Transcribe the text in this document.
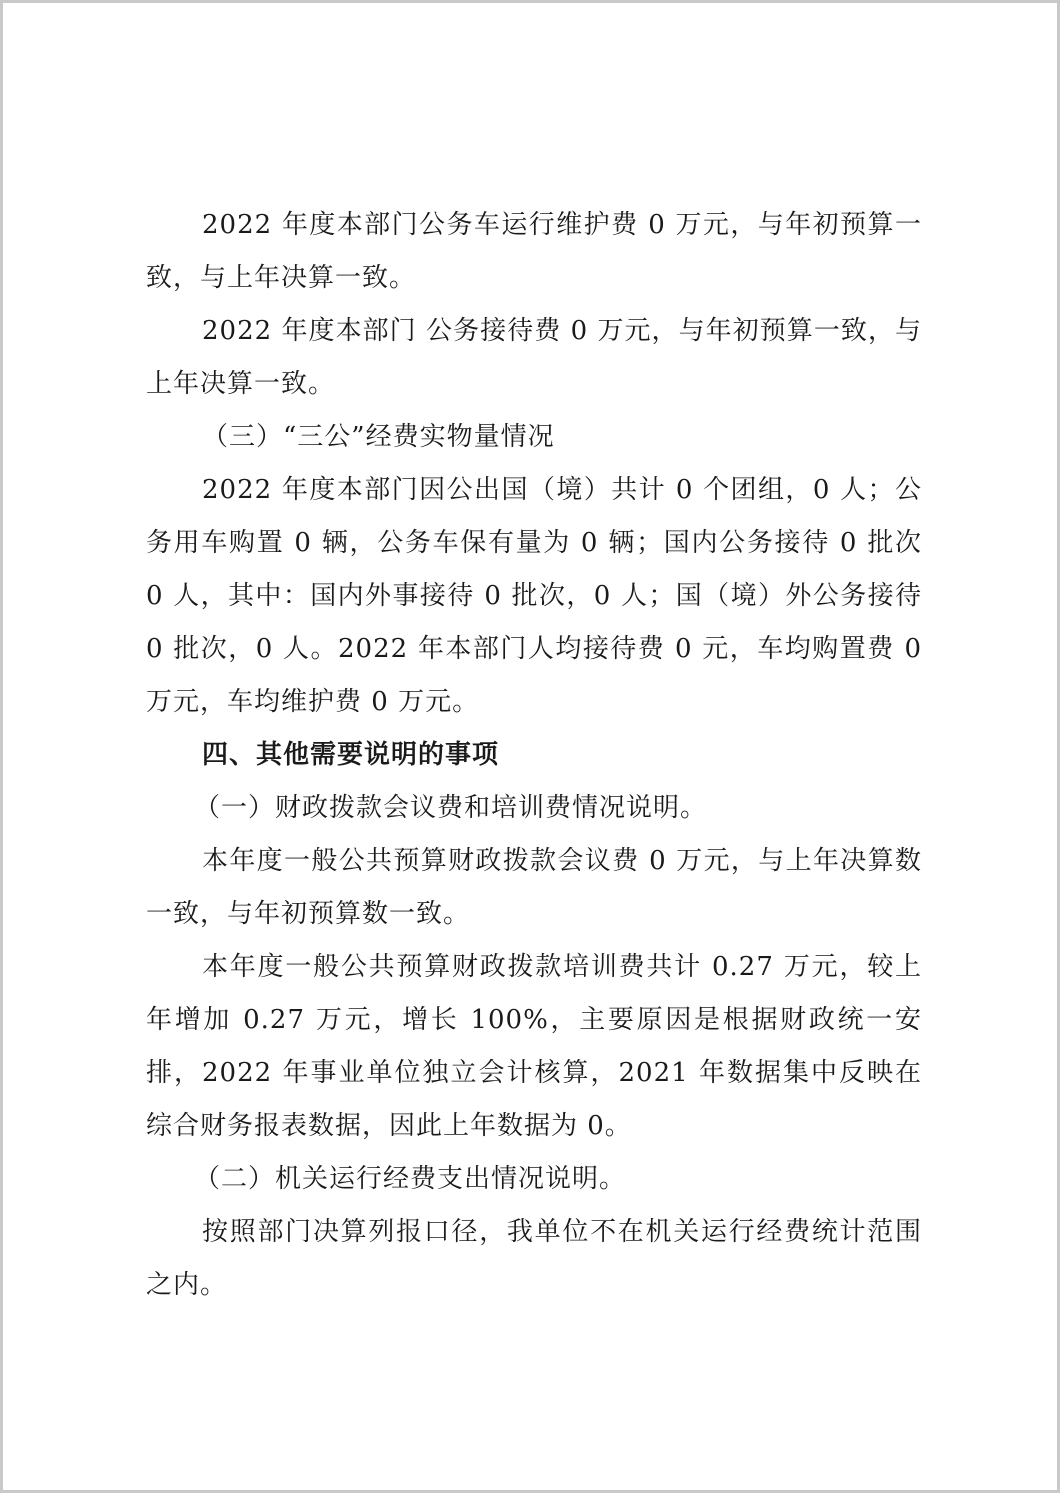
2022 年度本部门公务车运行维护费 0 万元，与年初预算一致，与上年决算一致。

2022 年度本部门 公务接待费 0 万元，与年初预算一致，与上年决算一致。

（三）“三公”经费实物量情况

2022 年度本部门因公出国（境）共计 0 个团组，0 人；公务用车购置 0 辆，公务车保有量为 0 辆；国内公务接待 0 批次 0 人，其中：国内外事接待 0 批次，0 人；国（境）外公务接待 0 批次，0 人。2022 年本部门人均接待费 0 元，车均购置费 0 万元，车均维护费 0 万元。

四、其他需要说明的事项

（一）财政拨款会议费和培训费情况说明。

本年度一般公共预算财政拨款会议费 0 万元，与上年决算数一致，与年初预算数一致。

本年度一般公共预算财政拨款培训费共计 0.27 万元，较上年增加 0.27 万元，增长 100%，主要原因是根据财政统一安排，2022 年事业单位独立会计核算，2021 年数据集中反映在综合财务报表数据，因此上年数据为 0。

（二）机关运行经费支出情况说明。

按照部门决算列报口径，我单位不在机关运行经费统计范围之内。
